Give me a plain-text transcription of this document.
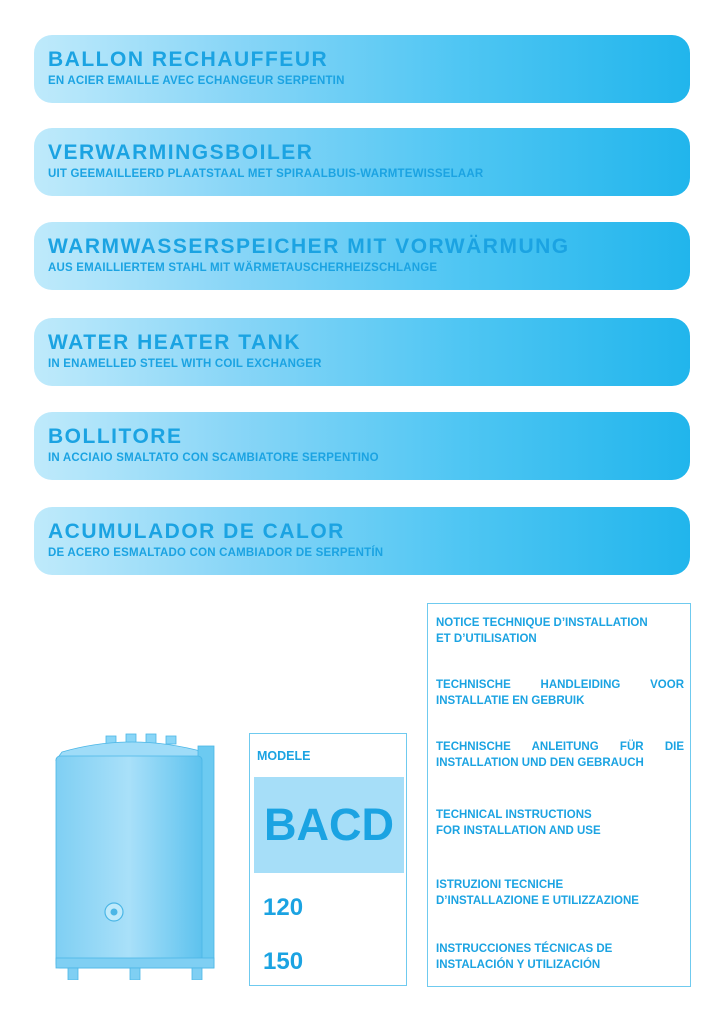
BALLON RECHAUFFEUR
EN ACIER EMAILLE AVEC ECHANGEUR SERPENTIN
VERWARMINGSBOILER
UIT GEEMAILLEERD PLAATSTAAL MET SPIRAALBUIS-WARMTEWISSELAAR
WARMWASSERSPEICHER MIT VORWÄRMUNG
AUS EMAILLIERTEM STAHL MIT WÄRMETAUSCHERHEIZSCHLANGE
WATER HEATER TANK
IN ENAMELLED STEEL WITH COIL EXCHANGER
BOLLITORE
IN ACCIAIO SMALTATO CON SCAMBIATORE SERPENTINO
ACUMULADOR DE CALOR
DE ACERO ESMALTADO CON CAMBIADOR DE SERPENTÍN
MODELE
BACD
120
150
NOTICE TECHNIQUE D’INSTALLATION
ET D’UTILISATION
TECHNISCHE HANDLEIDING VOOR
INSTALLATIE EN GEBRUIK
TECHNISCHE ANLEITUNG FÜR DIE
INSTALLATION UND DEN GEBRAUCH
TECHNICAL INSTRUCTIONS
FOR INSTALLATION AND USE
ISTRUZIONI TECNICHE
D’INSTALLAZIONE E UTILIZZAZIONE
INSTRUCCIONES TÉCNICAS DE
INSTALACIÓN Y UTILIZACIÓN
